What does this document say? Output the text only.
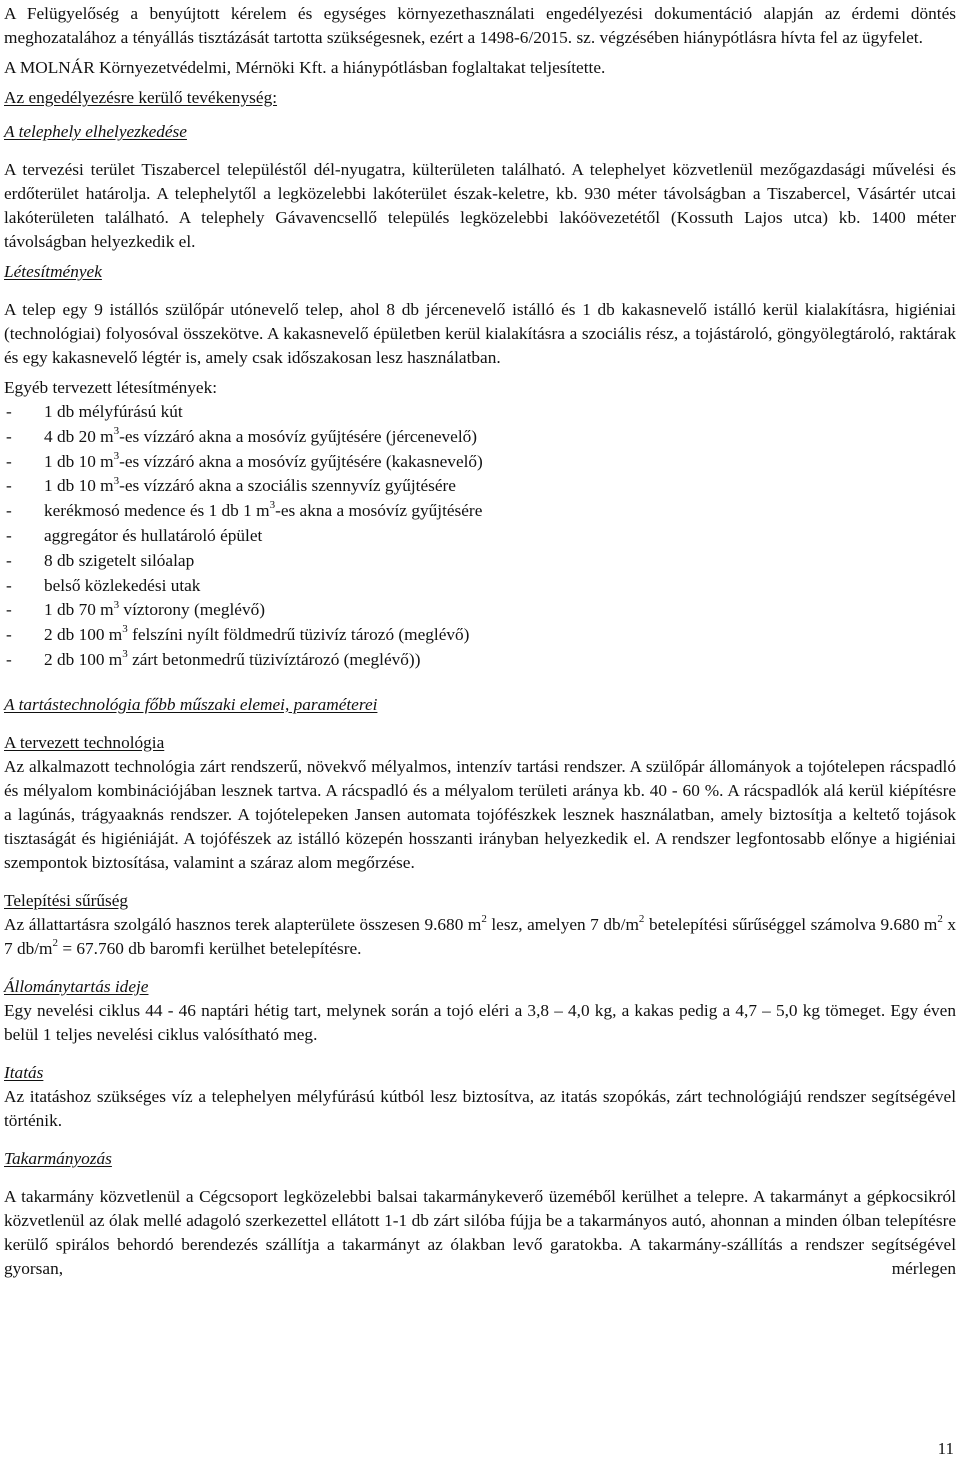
A Felügyelőség a benyújtott kérelem és egységes környezethasználati engedélyezési dokumentáció alapján az érdemi döntés meghozatalához a tényállás tisztázását tartotta szükségesnek, ezért a 1498-6/2015. sz. végzésében hiánypótlásra hívta fel az ügyfelet.

A MOLNÁR Környezetvédelmi, Mérnöki Kft. a hiánypótlásban foglaltakat teljesítette.

Az engedélyezésre kerülő tevékenység:

A telephely elhelyezkedése

A tervezési terület Tiszabercel településtől dél-nyugatra, külterületen található. A telephelyet közvetlenül mezőgazdasági művelési és erdőterület határolja. A telephelytől a legközelebbi lakóterület észak-keletre, kb. 930 méter távolságban a Tiszabercel, Vásártér utcai lakóterületen található. A telephely Gávavencsellő település legközelebbi lakóövezetétől (Kossuth Lajos utca) kb. 1400 méter távolságban helyezkedik el.

Létesítmények

A telep egy 9 istállós szülőpár utónevelő telep, ahol 8 db jércenevelő istálló és 1 db kakasnevelő istálló kerül kialakításra, higiéniai (technológiai) folyosóval összekötve. A kakasnevelő épületben kerül kialakításra a szociális rész, a tojástároló, göngyölegtároló, raktárak és egy kakasnevelő légtér is, amely csak időszakosan lesz használatban.

Egyéb tervezett létesítmények:

- 1 db mélyfúrású kút
- 4 db 20 $m^3-es$ vízzáró akna a mosóvíz gyűjtésére (jércenevelő)
- 1 db 10 $m^3-es$ vízzáró akna a mosóvíz gyűjtésére (kakasnevelő)
- 1 db 10 $m^3-es$ vízzáró akna a szociális szennyvíz gyűjtésére
- kerékmosó medence és 1 db 1 $m^3-es$ akna a mosóvíz gyűjtésére
- aggregátor és hullatároló épület
- 8 db szigetelt silóalap
- belső közlekedési utak
- 1 db 70 $m^3$ víztorony (meglévő)
- 2 db 100 $m^3$ felszíni nyílt földmedrű tüzivíz tározó (meglévő)
- 2 db 100 $m^3$ zárt betonmedrű tüzivíztározó (meglévő))

A tartástechnológia főbb műszaki elemei, paraméterei

A tervezett technológia

Az alkalmazott technológia zárt rendszerű, növekvő mélyalmos, intenzív tartási rendszer. A szülőpár állományok a tojótelepen rácspadló és mélyalom kombinációjában lesznek tartva. A rácspadló és a mélyalom területi aránya kb. 40 - 60 %. A rácspadlók alá kerül kiépítésre a lagúnás, trágyaaknás rendszer. A tojótelepeken Jansen automata tojófészkek lesznek használatban, amely biztosítja a keltető tojások tisztaságát és higiéniáját. A tojófészek az istálló közepén hosszanti irányban helyezkedik el. A rendszer legfontosabb előnye a higiéniai szempontok biztosítása, valamint a száraz alom megőrzése.

Telepítési sűrűség

Az állattartásra szolgáló hasznos terek alapterülete összesen 9.680 $m^2$ lesz, amelyen 7 $db/m^2$ betelepítési sűrűséggel számolva 9.680 $m^2$ x 7 $db/m^2 = 67.760$ db baromfi kerülhet betelepítésre.

Állománytartás ideje

Egy nevelési ciklus 44 - 46 naptári hétig tart, melynek során a tojó eléri a 3,8 – 4,0 kg, a kakas pedig a 4,7 – 5,0 kg tömeget. Egy éven belül 1 teljes nevelési ciklus valósítható meg.

Itatás

Az itatáshoz szükséges víz a telephelyen mélyfúrású kútból lesz biztosítva, az itatás szopókás, zárt technológiájú rendszer segítségével történik.

Takarmányozás

A takarmány közvetlenül a Cégcsoport legközelebbi balsai takarmánykeverő üzeméből kerülhet a telepre. A takarmányt a gépkocsikról közvetlenül az ólak mellé adagoló szerkezettel ellátott 1-1 db zárt silóba fújja be a takarmányos autó, ahonnan a minden ólban telepítésre kerülő spirálos behordó berendezés szállítja a takarmányt az ólakban levő garatokba. A takarmány-szállítás a rendszer segítségével gyorsan, mérlegen

11
